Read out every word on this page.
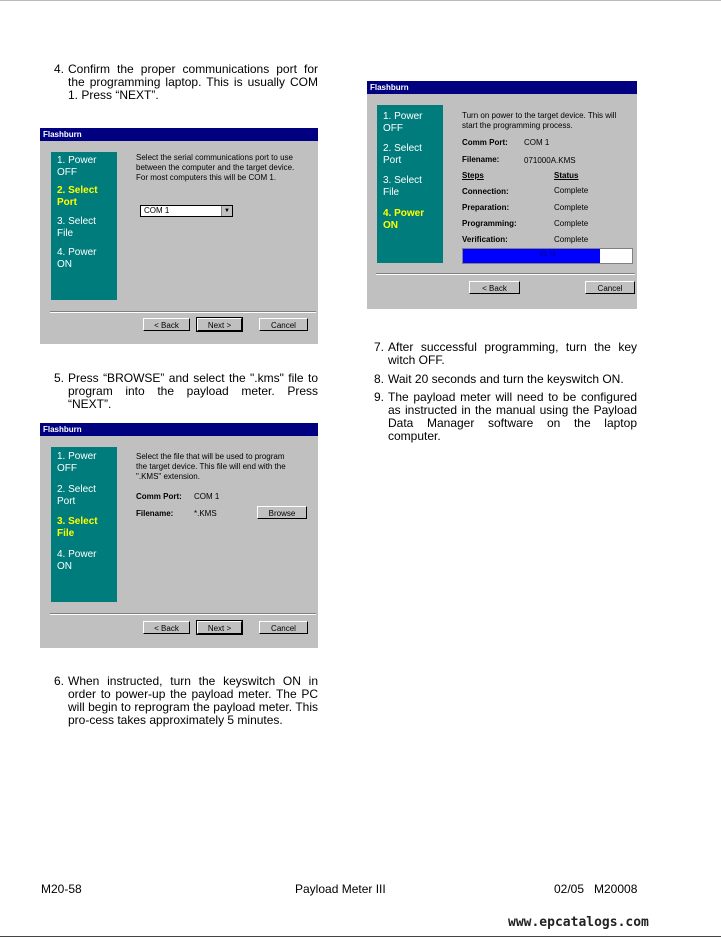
4. Confirm the proper communications port for the programming laptop. This is usually COM 1. Press “NEXT”.
Flashburn
1. Power OFF
2. Select Port
3. Select File
4. Power ON
Select the serial communications port to use between the computer and the target device. For most computers this will be COM 1.
COM 1	▼
< Back	Next >	Cancel
5. Press “BROWSE” and select the ".kms" file to program into the payload meter. Press “NEXT”.
Flashburn
1. Power OFF
2. Select Port
3. Select File
4. Power ON
Select the file that will be used to program the target device. This file will end with the ".KMS" extension.
Comm Port: COM 1
Filename:	*.KMS	Browse
< Back	Next >	Cancel
6. When instructed, turn the keyswitch ON in order to power-up the payload meter. The PC will begin to reprogram the payload meter. This pro-cess takes approximately 5 minutes.
Flashburn
1. Power OFF
2. Select Port
3. Select File
4. Power ON
Turn on power to the target device. This will start the programming process.
Comm Port: COM 1
Filename:	071000A.KMS
Steps	Status
Connection:	Complete
Preparation:	Complete
Programming:	Complete
Verification:	Complete
81 %
< Back	Cancel
7. After successful programming, turn the key witch OFF.
8. Wait 20 seconds and turn the keyswitch ON.
9. The payload meter will need to be configured as instructed in the manual using the Payload Data Manager software on the laptop computer.
M20-58	Payload Meter III	02/05 M20008
www.epcatalogs.com
